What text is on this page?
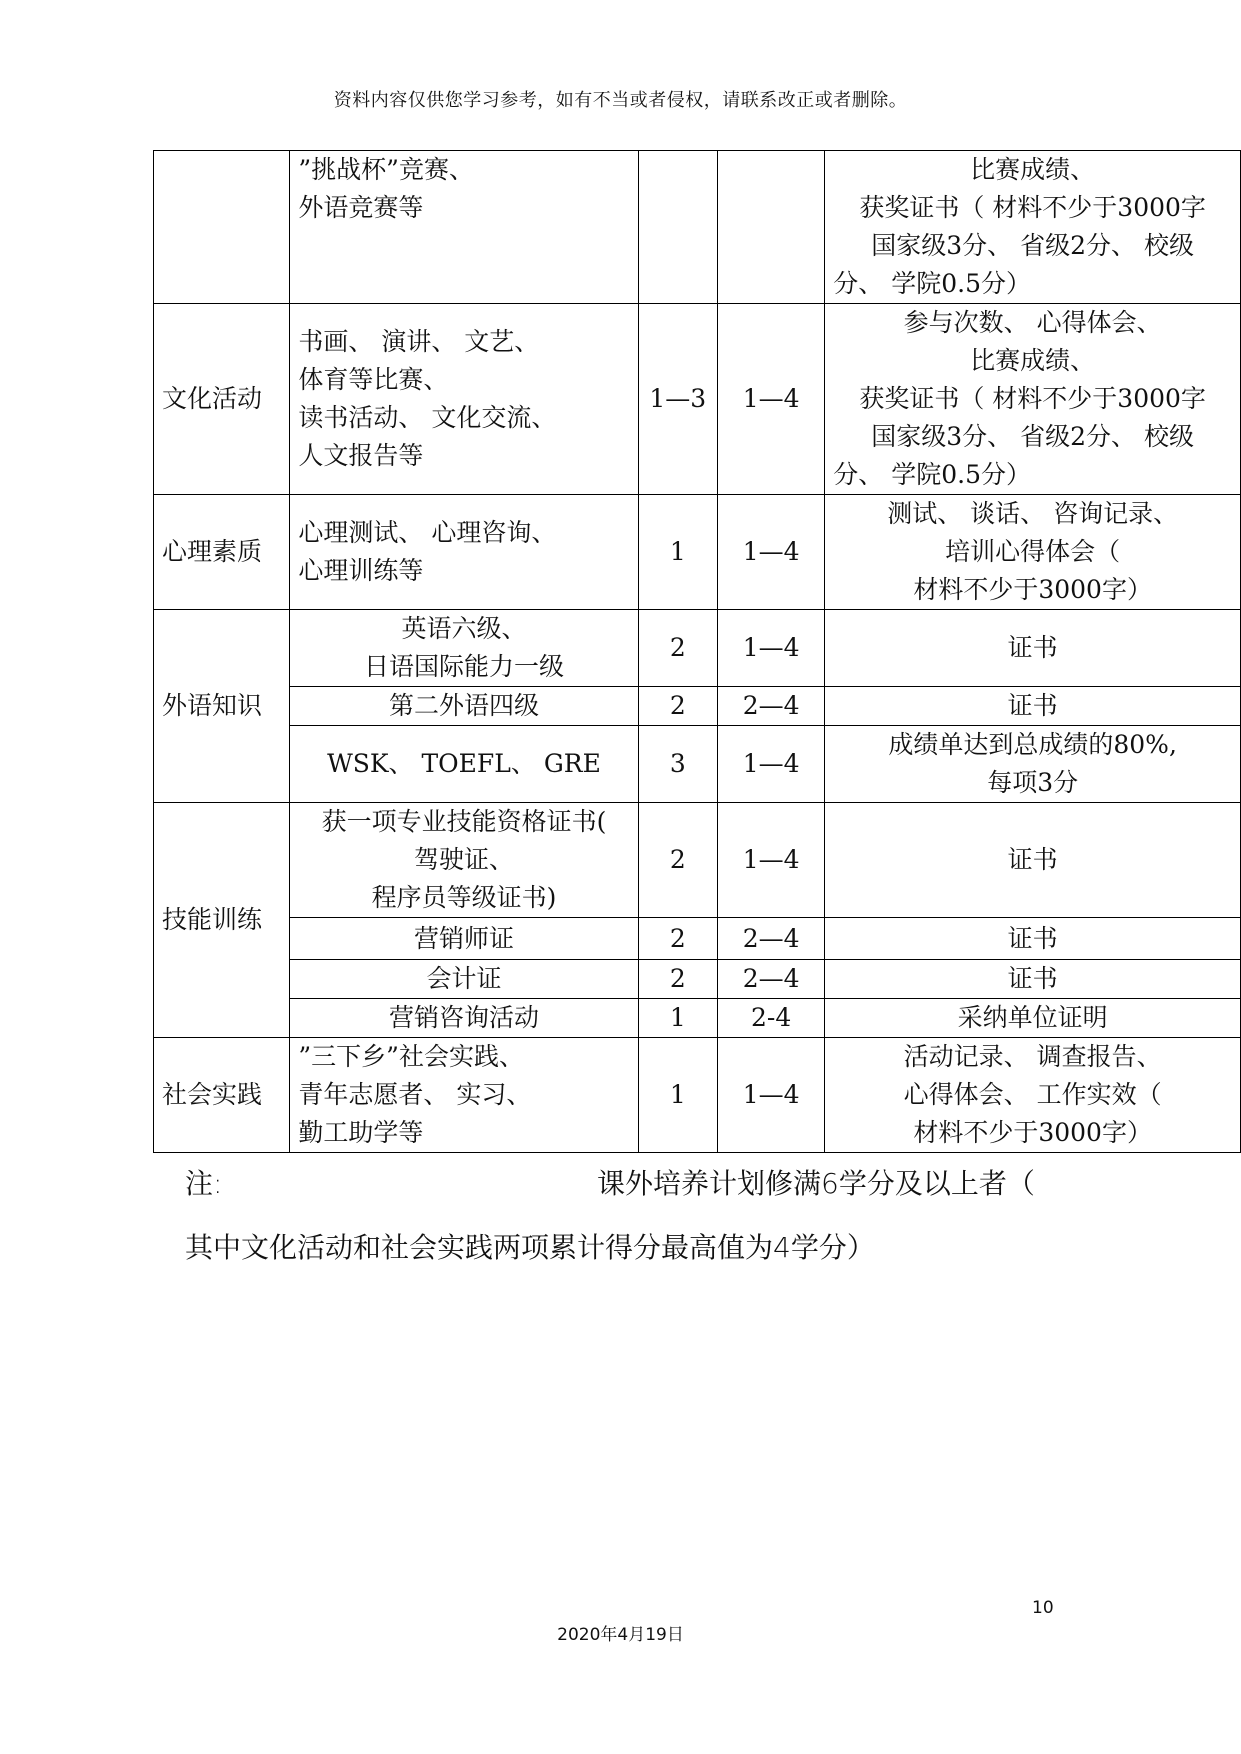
资料内容仅供您学习参考，如有不当或者侵权，请联系改正或者删除。

	”挑战杯”竞赛、
外语竞赛等			比赛成绩、
获奖证书（ 材料不少于3000字
国家级3分、 省级2分、 校级
分、 学院0.5分）

文化活动	书画、 演讲、 文艺、
体育等比赛、
读书活动、 文化交流、
人文报告等	1—3	1—4	参与次数、 心得体会、
比赛成绩、
获奖证书（ 材料不少于3000字
国家级3分、 省级2分、 校级
分、 学院0.5分）

心理素质	心理测试、 心理咨询、
心理训练等	1	1—4	测试、 谈话、 咨询记录、
培训心得体会（
材料不少于3000字）

外语知识	英语六级、
日语国际能力一级	2	1—4	证书
	第二外语四级	2	2—4	证书
	WSK、 TOEFL、 GRE	3	1—4	成绩单达到总成绩的80%,
每项3分

技能训练	获一项专业技能资格证书(
驾驶证、
程序员等级证书)	2	1—4	证书
	营销师证	2	2—4	证书
	会计证	2	2—4	证书
	营销咨询活动	1	2-4	采纳单位证明
社会实践	”三下乡”社会实践、
青年志愿者、 实习、
勤工助学等	1	1—4	活动记录、 调查报告、
心得体会、 工作实效（
材料不少于3000字）
注:	课外培养计划修满6学分及以上者（
其中文化活动和社会实践两项累计得分最高值为4学分）
10
2020年4月19日
